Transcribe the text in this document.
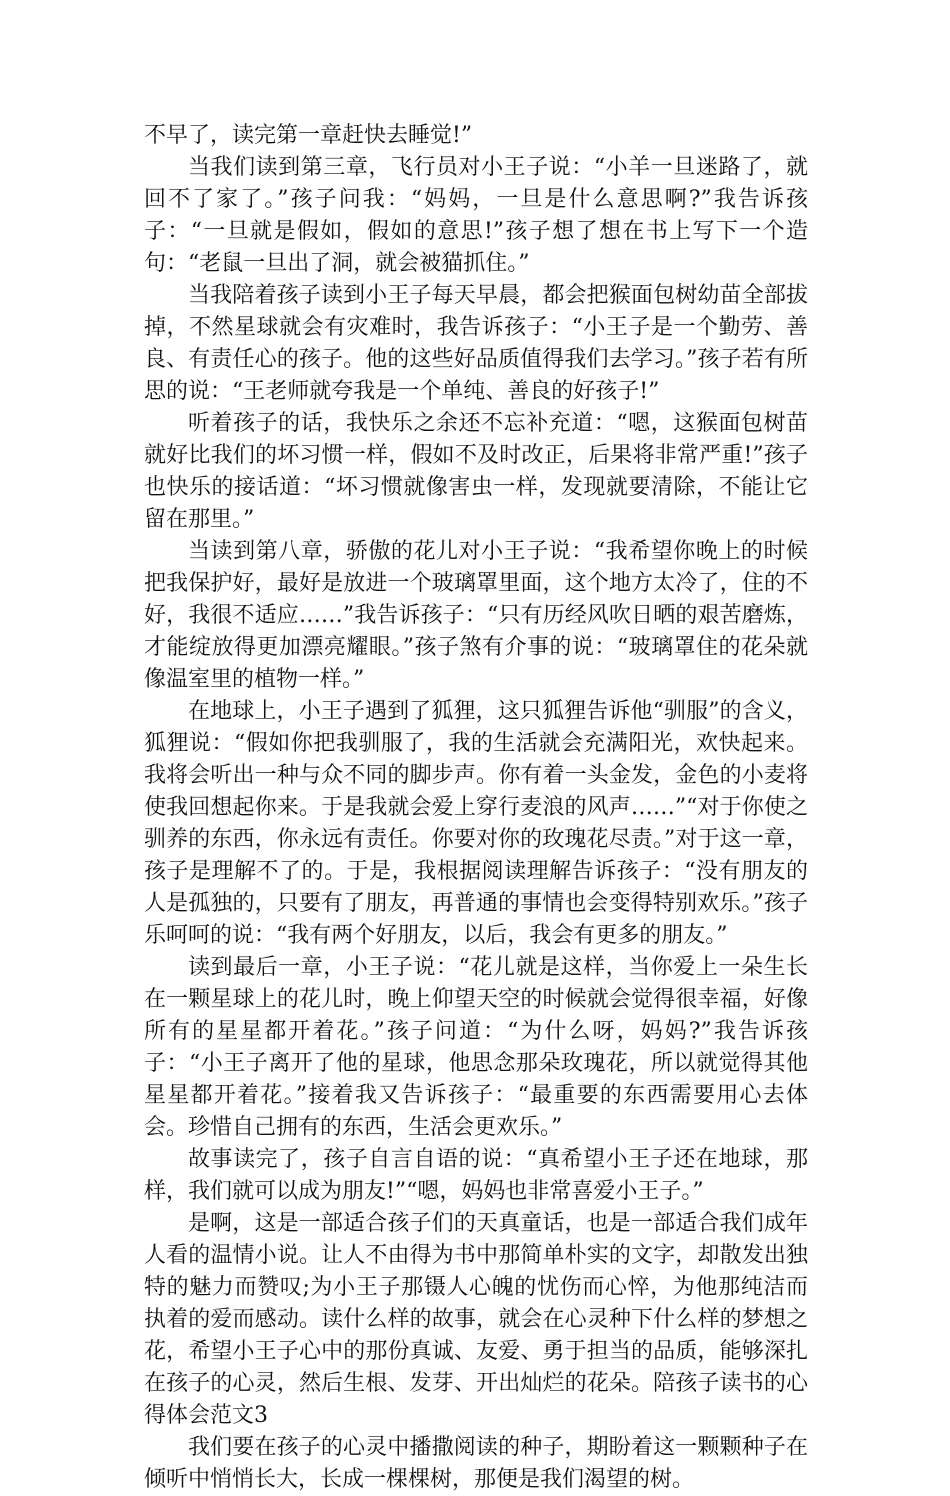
不早了，读完第一章赶快去睡觉!”

当我们读到第三章，飞行员对小王子说：“小羊一旦迷路了，就回不了家了。”孩子问我：“妈妈，一旦是什么意思啊?”我告诉孩子：“一旦就是假如，假如的意思!”孩子想了想在书上写下一个造句：“老鼠一旦出了洞，就会被猫抓住。”

当我陪着孩子读到小王子每天早晨，都会把猴面包树幼苗全部拔掉，不然星球就会有灾难时，我告诉孩子：“小王子是一个勤劳、善良、有责任心的孩子。他的这些好品质值得我们去学习。”孩子若有所思的说：“王老师就夸我是一个单纯、善良的好孩子!”

听着孩子的话，我快乐之余还不忘补充道：“嗯，这猴面包树苗就好比我们的坏习惯一样，假如不及时改正，后果将非常严重!”孩子也快乐的接话道：“坏习惯就像害虫一样，发现就要清除，不能让它留在那里。”

当读到第八章，骄傲的花儿对小王子说：“我希望你晚上的时候把我保护好，最好是放进一个玻璃罩里面，这个地方太冷了，住的不好，我很不适应……”我告诉孩子：“只有历经风吹日晒的艰苦磨炼，才能绽放得更加漂亮耀眼。”孩子煞有介事的说：“玻璃罩住的花朵就像温室里的植物一样。”

在地球上，小王子遇到了狐狸，这只狐狸告诉他“驯服”的含义，狐狸说：“假如你把我驯服了，我的生活就会充满阳光，欢快起来。我将会听出一种与众不同的脚步声。你有着一头金发，金色的小麦将使我回想起你来。于是我就会爱上穿行麦浪的风声……”“对于你使之驯养的东西，你永远有责任。你要对你的玫瑰花尽责。”对于这一章，孩子是理解不了的。于是，我根据阅读理解告诉孩子：“没有朋友的人是孤独的，只要有了朋友，再普通的事情也会变得特别欢乐。”孩子乐呵呵的说：“我有两个好朋友，以后，我会有更多的朋友。”

读到最后一章，小王子说：“花儿就是这样，当你爱上一朵生长在一颗星球上的花儿时，晚上仰望天空的时候就会觉得很幸福，好像所有的星星都开着花。”孩子问道：“为什么呀，妈妈?”我告诉孩子：“小王子离开了他的星球，他思念那朵玫瑰花，所以就觉得其他星星都开着花。”接着我又告诉孩子：“最重要的东西需要用心去体会。珍惜自己拥有的东西，生活会更欢乐。”

故事读完了，孩子自言自语的说：“真希望小王子还在地球，那样，我们就可以成为朋友!”“嗯，妈妈也非常喜爱小王子。”

是啊，这是一部适合孩子们的天真童话，也是一部适合我们成年人看的温情小说。让人不由得为书中那简单朴实的文字，却散发出独特的魅力而赞叹;为小王子那镊人心魄的忧伤而心悴，为他那纯洁而执着的爱而感动。读什么样的故事，就会在心灵种下什么样的梦想之花，希望小王子心中的那份真诚、友爱、勇于担当的品质，能够深扎在孩子的心灵，然后生根、发芽、开出灿烂的花朵。陪孩子读书的心得体会范文3

我们要在孩子的心灵中播撒阅读的种子，期盼着这一颗颗种子在倾听中悄悄长大，长成一棵棵树，那便是我们渴望的树。
